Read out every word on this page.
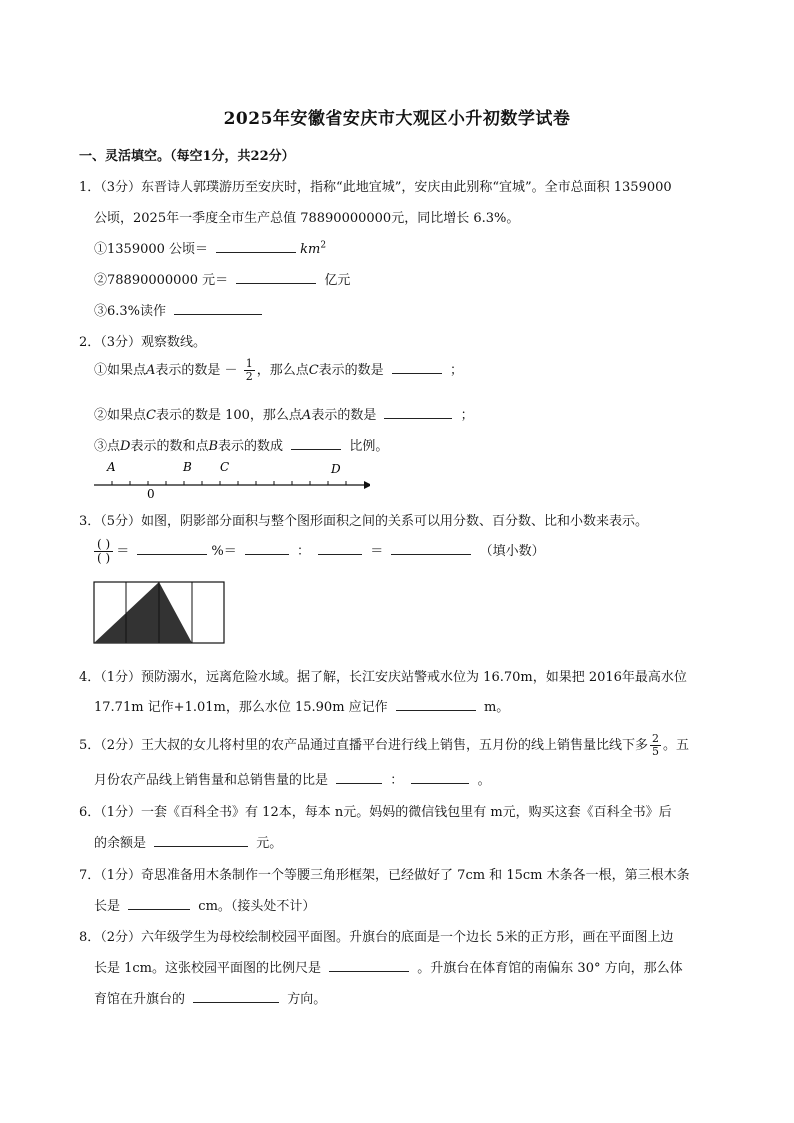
2025年安徽省安庆市大观区小升初数学试卷
一、灵活填空。（每空1分，共22分）
1．（3分）东晋诗人郭璞游历至安庆时，指称“此地宜城”，安庆由此别称“宜城”。全市总面积 1359000
公顷，2025年一季度全市生产总值 78890000000元，同比增长 6.3%。
①1359000 公顷＝	$km^2$
②78890000000 元＝	亿元
③6.3%读作
2．（3分）观察数线。
①如果点A表示的数是 － $\frac{1}{2}$ ，那么点C表示的数是	；
②如果点C表示的数是 100，那么点A表示的数是	；
③点D表示的数和点B表示的数成	比例。
A	B C	D
0
3．（5分）如图，阴影部分面积与整个图形面积之间的关系可以用分数、百分数、比和小数来表示。
$\frac{( )}{( )}$ ＝	%＝	：	＝	（填小数）
4．（1分）预防溺水，远离危险水域。据了解，长江安庆站警戒水位为 16.70m，如果把 2016年最高水位
17.71m 记作+1.01m，那么水位 15.90m 应记作	m。
5．（2分）王大叔的女儿将村里的农产品通过直播平台进行线上销售，五月份的线上销售量比线下多 $\frac{2}{5}$ 。五
月份农产品线上销售量和总销售量的比是	：	。
6．（1分）一套《百科全书》有 12本，每本 n元。妈妈的微信钱包里有 m元，购买这套《百科全书》后
的余额是	元。
7．（1分）奇思准备用木条制作一个等腰三角形框架，已经做好了 7cm 和 15cm 木条各一根，第三根木条
长是	cm。（接头处不计）
8．（2分）六年级学生为母校绘制校园平面图。升旗台的底面是一个边长 5米的正方形，画在平面图上边
长是 1cm。这张校园平面图的比例尺是	。升旗台在体育馆的南偏东 30° 方向，那么体
育馆在升旗台的	方向。
